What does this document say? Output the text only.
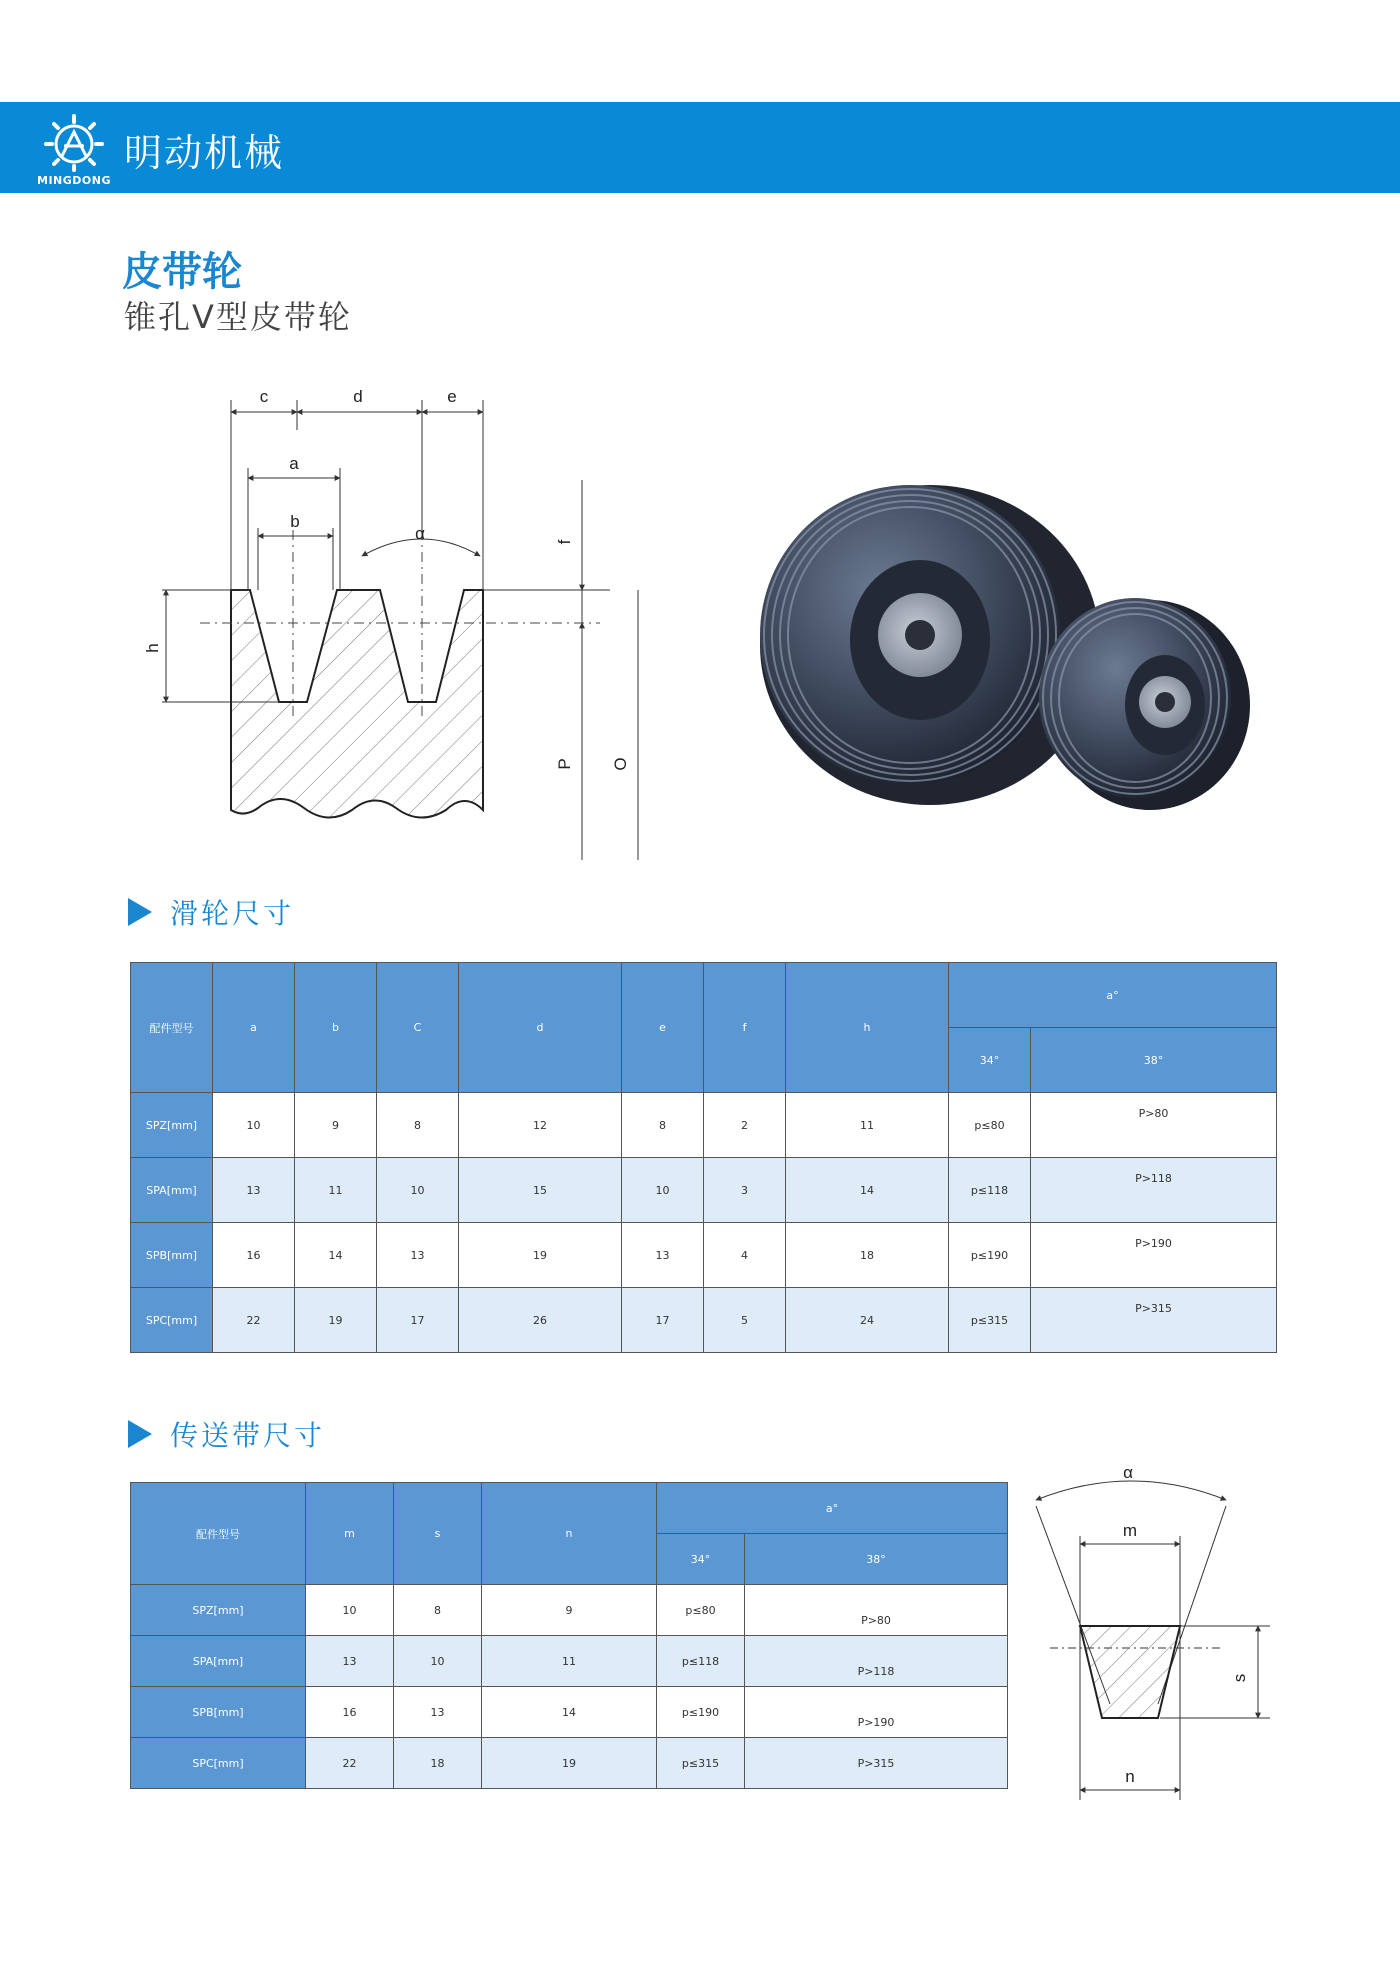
MINGDONG
明动机械
皮带轮
锥孔V型皮带轮
c	d	e
a
b
α	f
h
P O
滑轮尺寸
配件型号	a	b	C	d	e	f	h	a°	
								34°	38°
SPZ[mm]	10	9	8	12	8	2	11	p≤80	P>80
SPA[mm]	13	11	10	15	10	3	14	p≤118	P>118
SPB[mm]	16	14	13	19	13	4	18	p≤190	P>190
SPC[mm]	22	19	17	26	17	5	24	p≤315	P>315
传送带尺寸
配件型号	m	s	n	a°	
				34°	38°
SPZ[mm]	10	8	9	p≤80	P>80
SPA[mm]	13	10	11	p≤118	P>118
SPB[mm]	16	13	14	p≤190	P>190
SPC[mm]	22	18	19	p≤315	P>315
α
m
s
n
